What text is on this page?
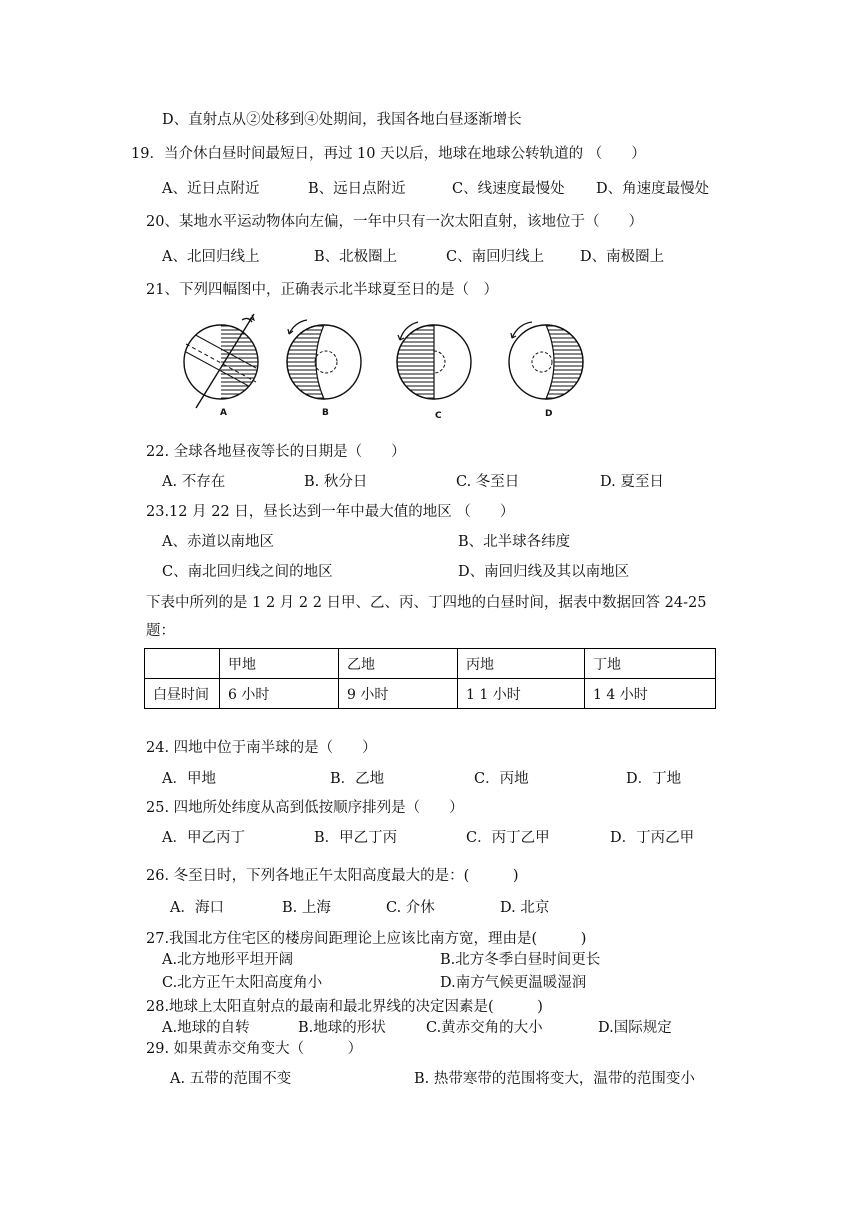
D、直射点从②处移到④处期间，我国各地白昼逐渐增长
19．当介休白昼时间最短日，再过 10 天以后，地球在地球公转轨道的 （　　）
A、近日点附近	B、远日点附近	C、线速度最慢处 D、角速度最慢处
20、某地水平运动物体向左偏，一年中只有一次太阳直射，该地位于（　　）
A、北回归线上	B、北极圈上	C、南回归线上 D、南极圈上
21、下列四幅图中，正确表示北半球夏至日的是（　）
A	B	C	D
22. 全球各地昼夜等长的日期是（　　）
A. 不存在	B. 秋分日	C. 冬至日	D. 夏至日
23.12 月 22 日，昼长达到一年中最大值的地区 （　　）
A、赤道以南地区	B、北半球各纬度
C、南北回归线之间的地区	D、南回归线及其以南地区
下表中所列的是 1 2 月 2 2 日甲、乙、丙、丁四地的白昼时间，据表中数据回答 24-25
题：
	甲地	乙地	丙地	丁地
白昼时间	6 小时	9 小时	1 1 小时	1 4 小时
24. 四地中位于南半球的是（　　）
A．甲地	B．乙地	C．丙地	D．丁地
25. 四地所处纬度从高到低按顺序排列是（　　）
A．甲乙丙丁	B．甲乙丁丙	C．丙丁乙甲	D．丁丙乙甲
26. 冬至日时，下列各地正午太阳高度最大的是：(　　　)
A．海口	B. 上海	C. 介休	D. 北京
27.我国北方住宅区的楼房间距理论上应该比南方宽，理由是(　　　)
A.北方地形平坦开阔	B.北方冬季白昼时间更长
C.北方正午太阳高度角小	D.南方气候更温暖湿润
28.地球上太阳直射点的最南和最北界线的决定因素是(　　　)
A.地球的自转	B.地球的形状	C.黄赤交角的大小	D.国际规定
29. 如果黄赤交角变大（　　　）
A. 五带的范围不变	B. 热带寒带的范围将变大，温带的范围变小
